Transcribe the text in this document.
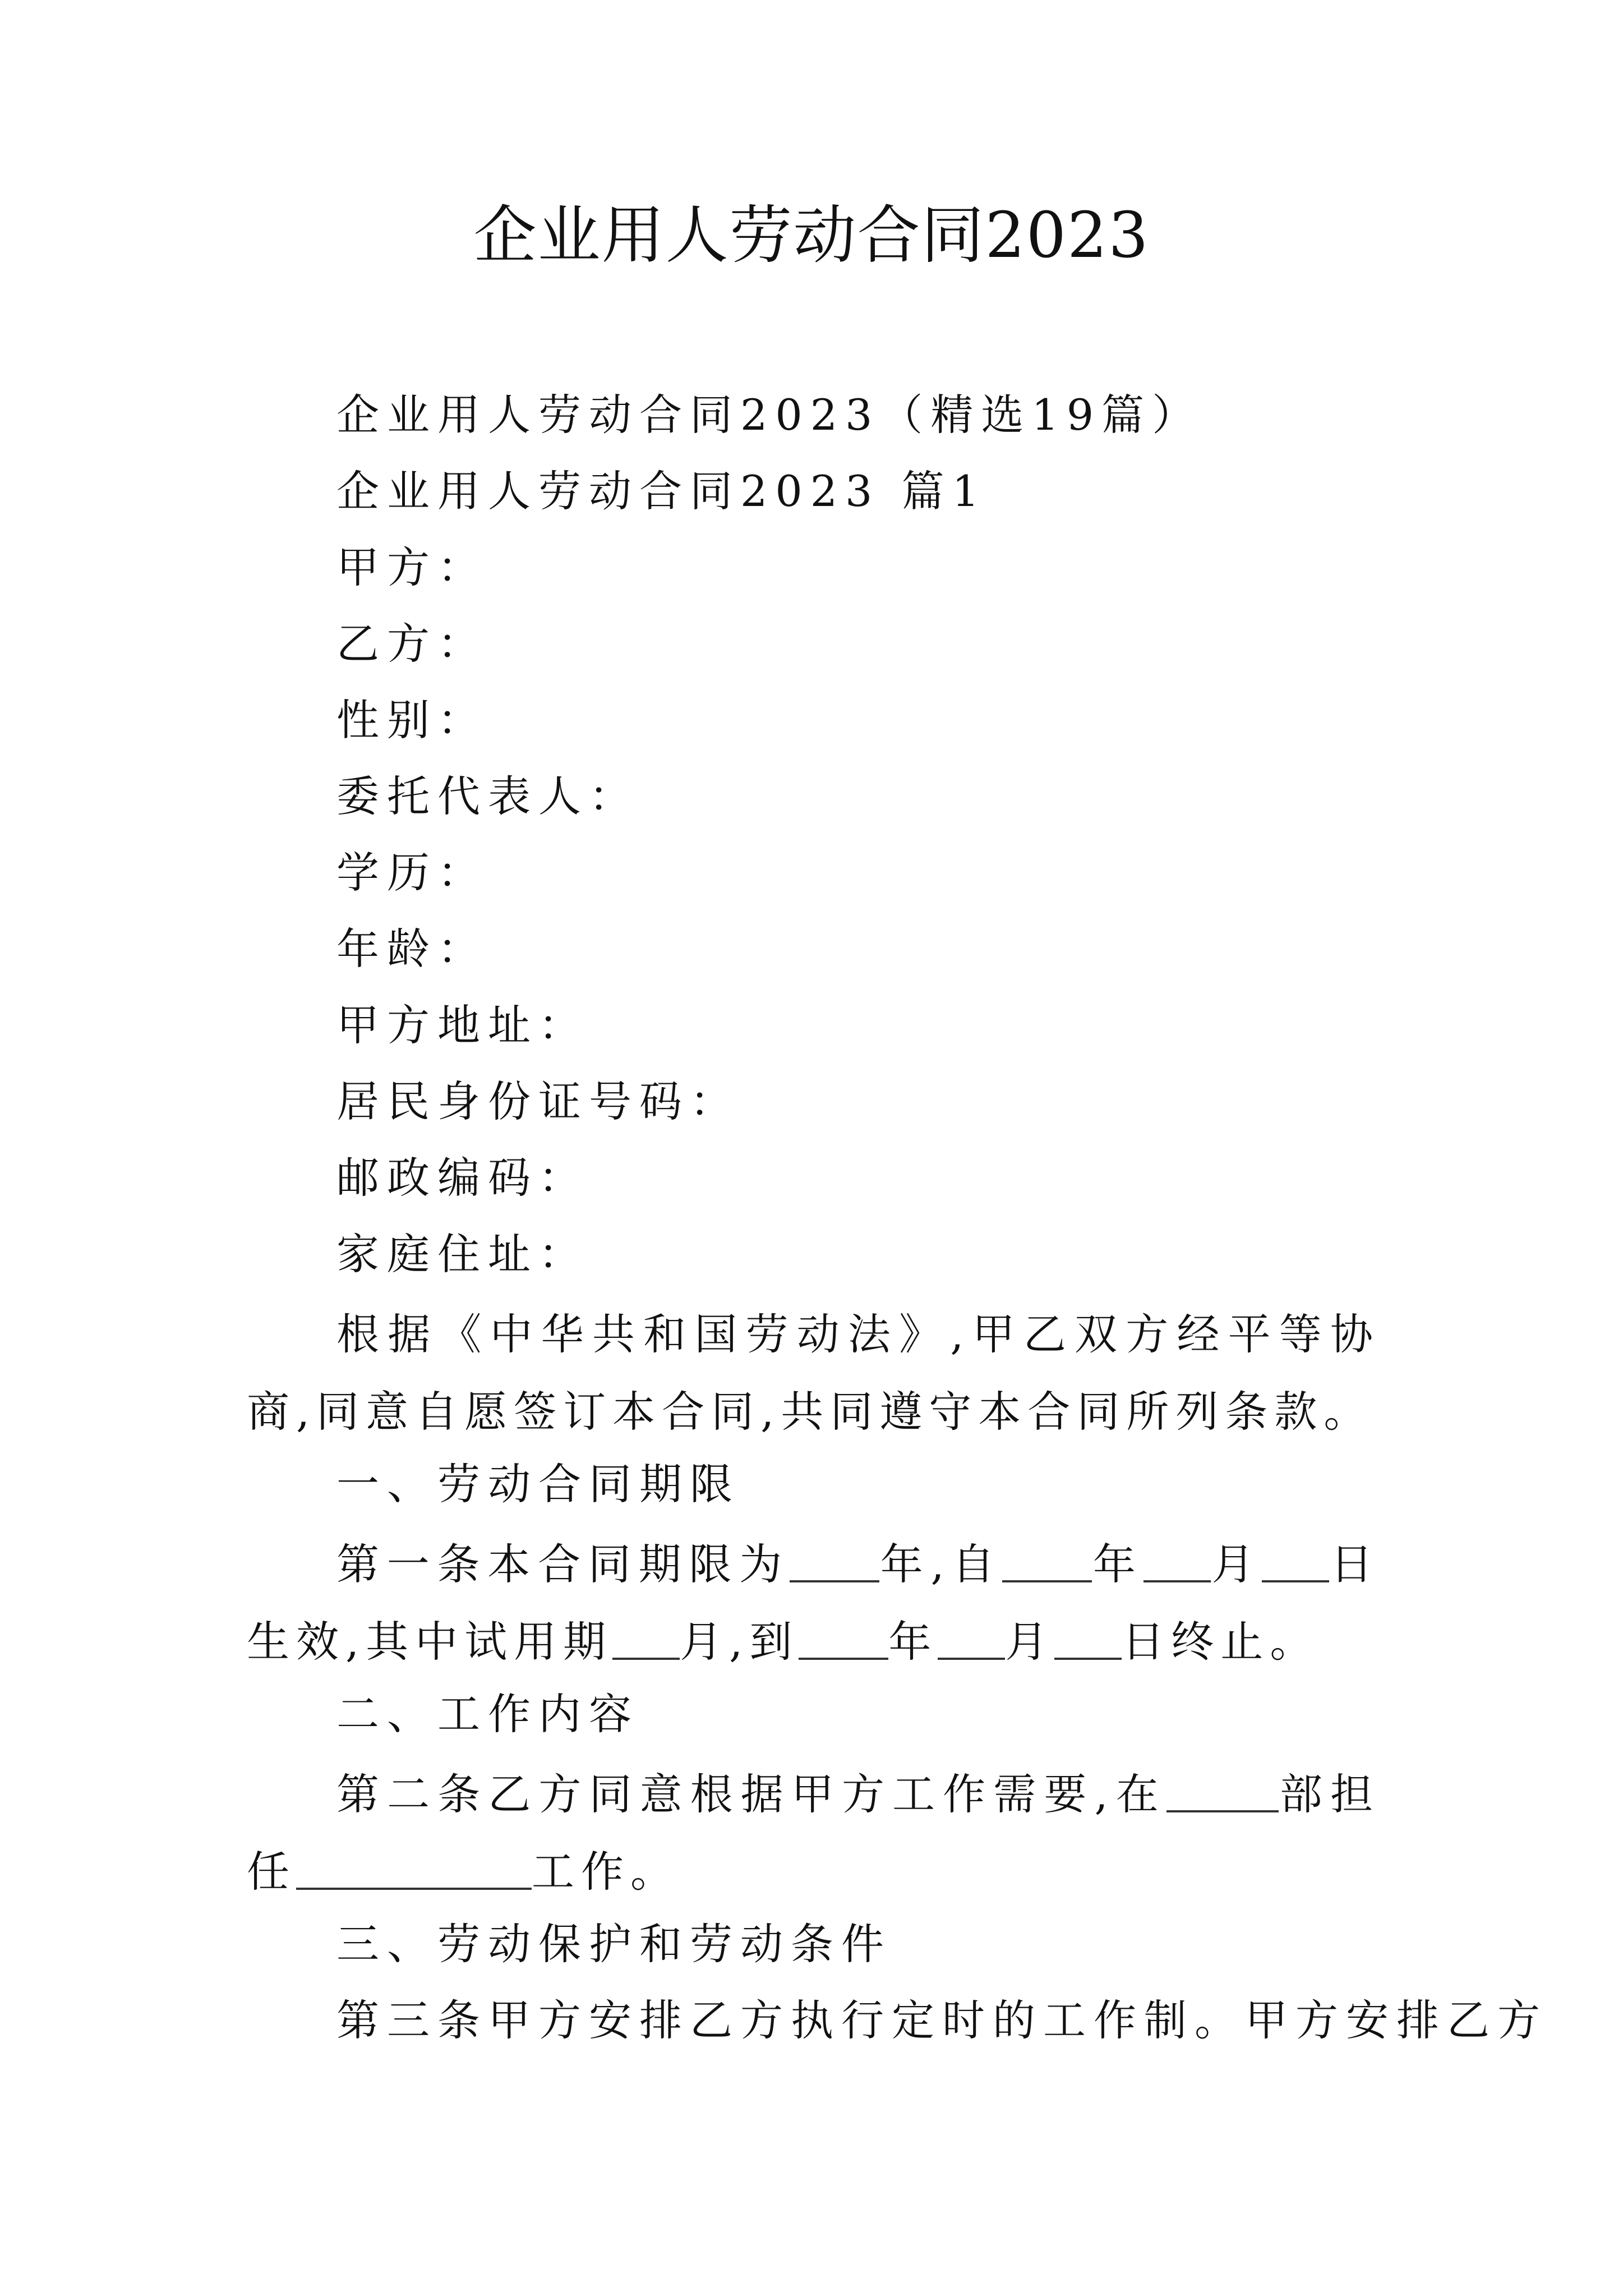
企业用人劳动合同2023
企业用人劳动合同2023（精选19篇）
企业用人劳动合同2023 篇1
甲方：
乙方：
性别：
委托代表人：
学历：
年龄：
甲方地址：
居民身份证号码：
邮政编码：
家庭住址：
根据《中华共和国劳动法》,甲乙双方经平等协商,同意自愿签订本合同,共同遵守本合同所列条款。
一、劳动合同期限
第一条本合同期限为 年,自 年 月 日生效,其中试用期 月,到 年 月 日终止。
二、工作内容
第二条乙方同意根据甲方工作需要,在	部担任	工作。
三、劳动保护和劳动条件
第三条甲方安排乙方执行定时的工作制。甲方安排乙方
